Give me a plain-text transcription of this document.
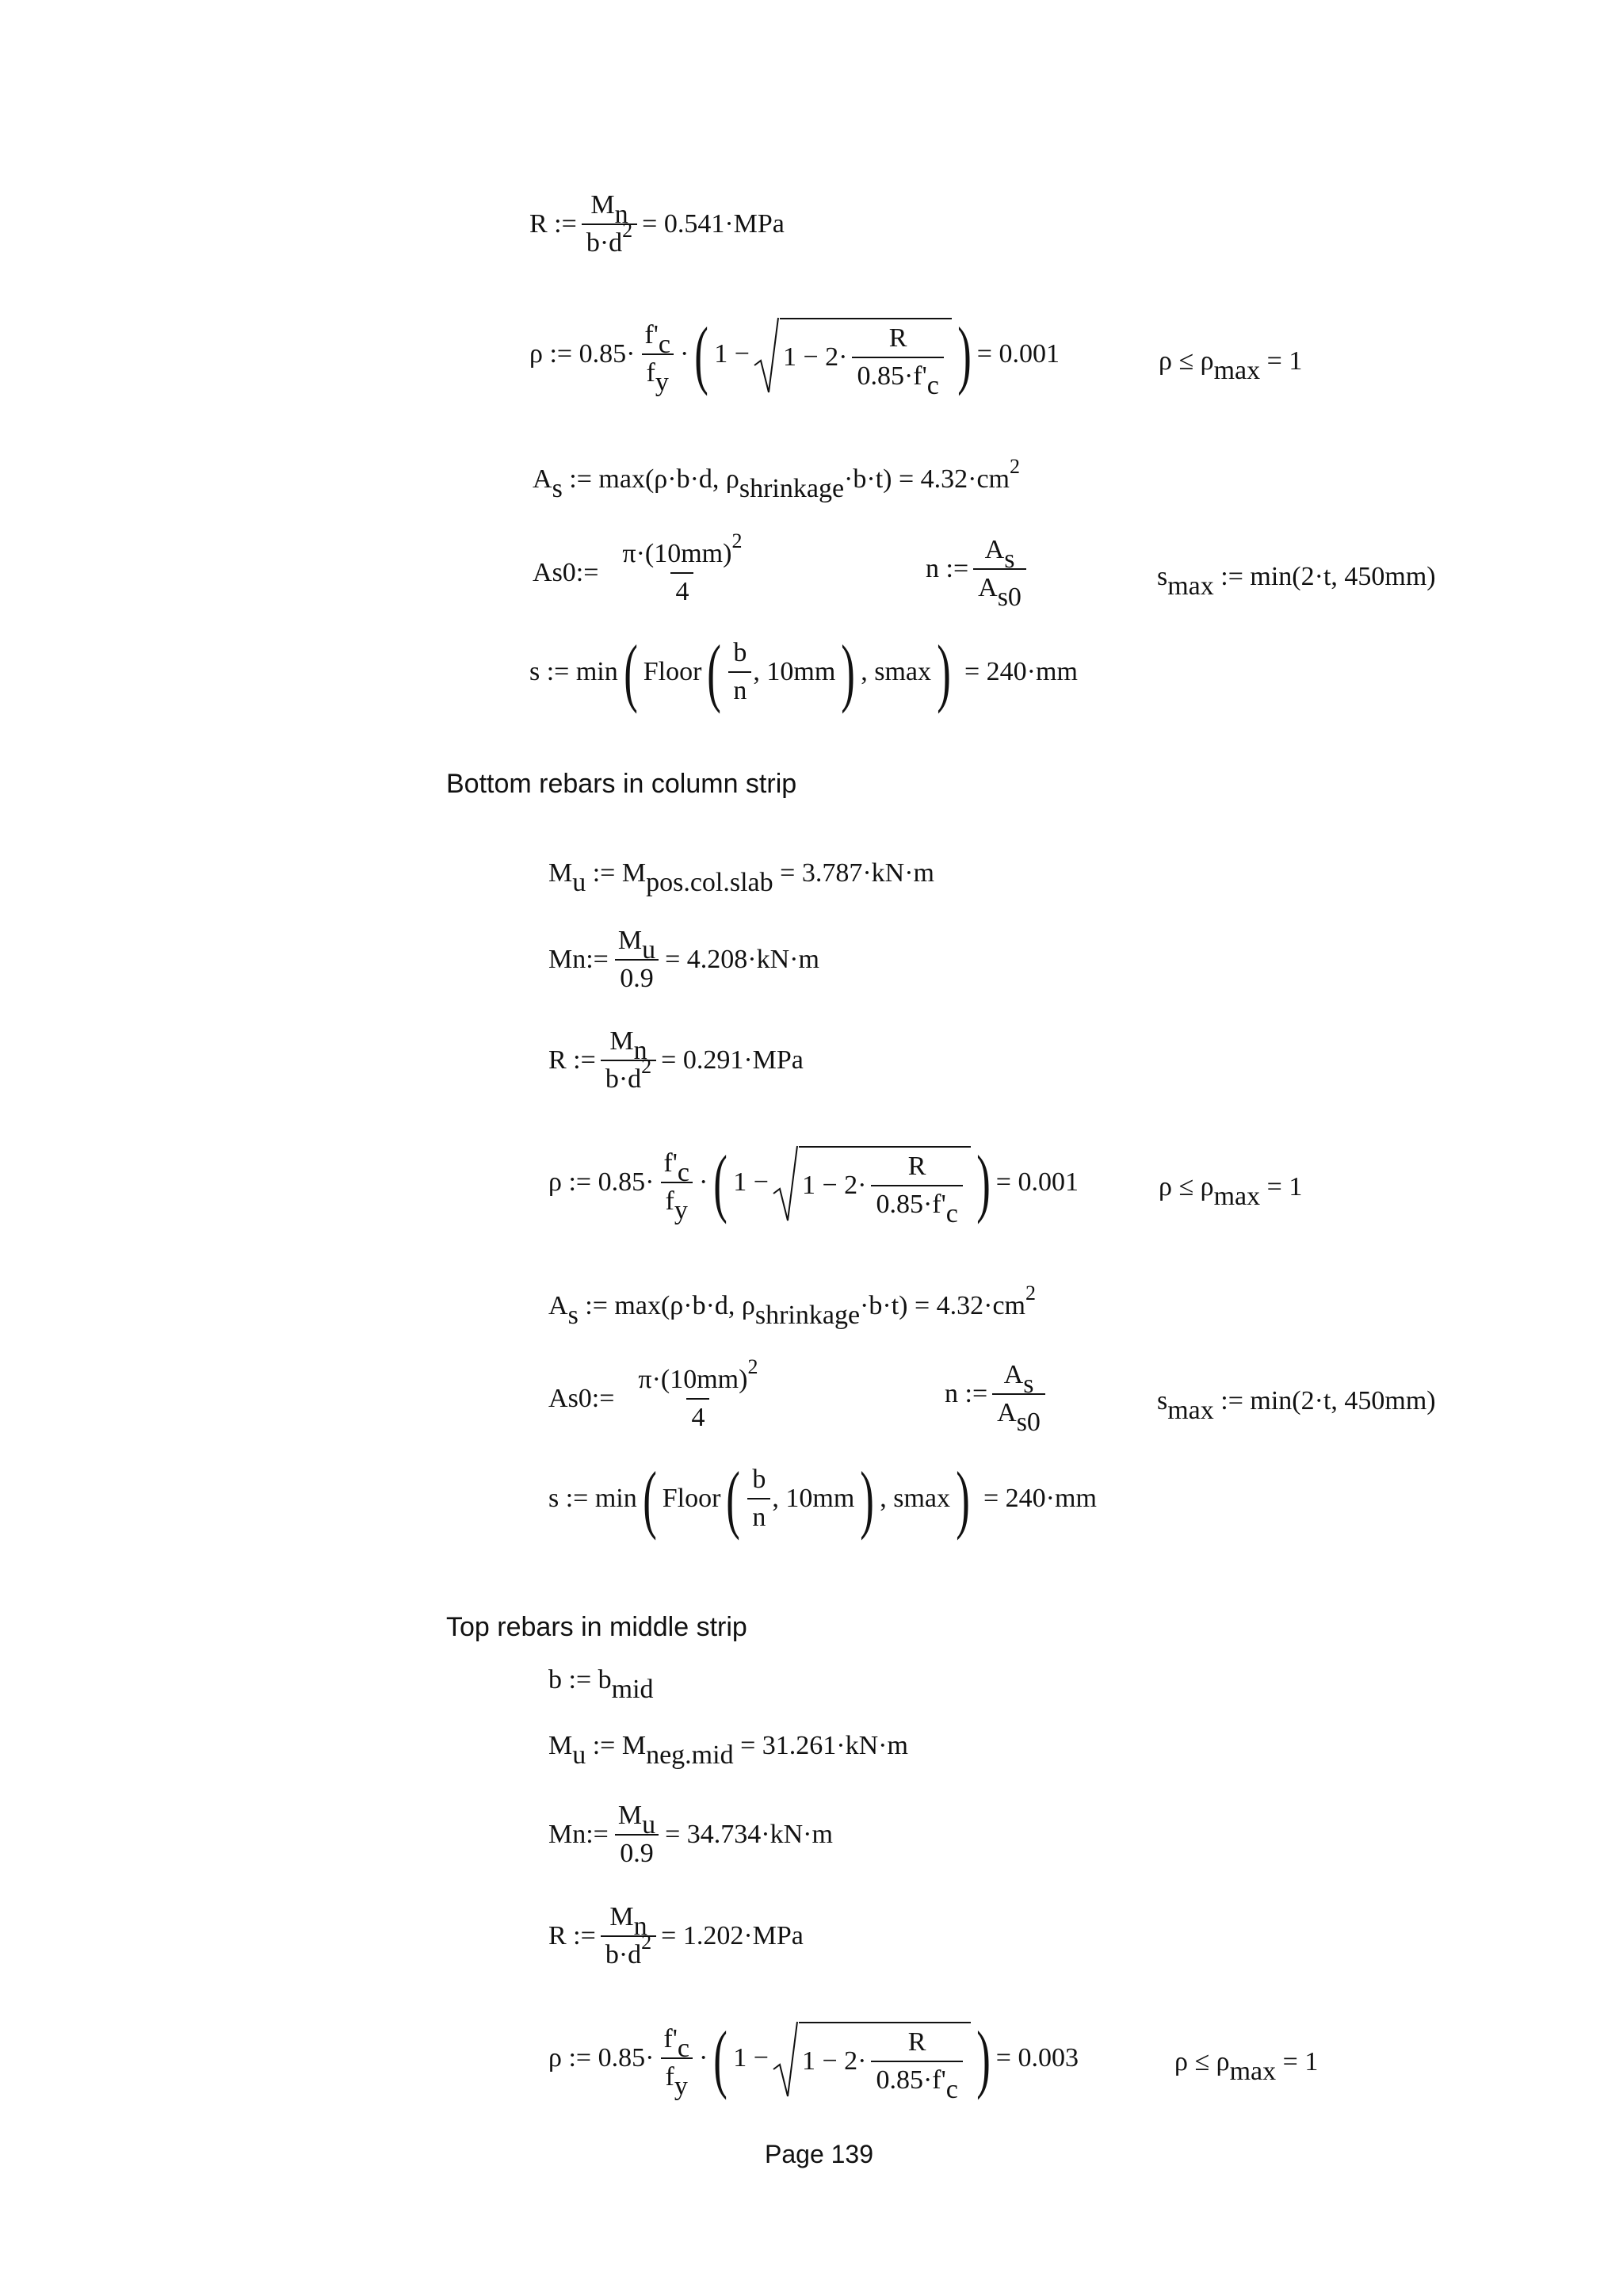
R := $\frac{M_n}{b\cdot d^2} = 0.541\cdot MPa$
ρ := $0.85\cdot \frac{f'_c}{f_y}$ · ( $1 - 1 - 2\cdot \frac{R}{0.85\cdot f'_c}$ ) = 0.001	$\rho \le \rho_{max} = 1$
$A_s$ := max(ρ·b·d, $\rho_{shrinkage}\cdot b\cdot t) = 4.32\cdot cm^2$
A s0 := $\frac{\pi\cdot(10mm)^2}{4}$	n := $\frac{A_s}{A_{s0}}$	$s_{max}$ := min(2·t, 450mm)
s := min ( Floor ( $\frac{b}{n}$ , 10mm ) , s max ) = 240·mm
Bottom rebars in column strip
$M_u$ := $M_{pos.col.slab} = 3.787\cdot kN\cdot m$
M n := $\frac{M_u}{0.9} = 4.208\cdot kN\cdot m$
R := $\frac{M_n}{b\cdot d^2} = 0.291\cdot MPa$
ρ := $0.85\cdot \frac{f'_c}{f_y}$ · ( $1 - 1 - 2\cdot \frac{R}{0.85\cdot f'_c}$ ) = 0.001	$\rho \le \rho_{max} = 1$
$A_s$ := max(ρ·b·d, $\rho_{shrinkage}\cdot b\cdot t) = 4.32\cdot cm^2$
A s0 := $\frac{\pi\cdot(10mm)^2}{4}$	n := $\frac{A_s}{A_{s0}}$	$s_{max}$ := min(2·t, 450mm)
s := min ( Floor ( $\frac{b}{n}$ , 10mm ) , s max ) = 240·mm
Top rebars in middle strip
b := $b_{mid}$
$M_u$ := $M_{neg.mid} = 31.261\cdot kN\cdot m$
M n := $\frac{M_u}{0.9} = 34.734\cdot kN\cdot m$
R := $\frac{M_n}{b\cdot d^2} = 1.202\cdot MPa$
ρ := $0.85\cdot \frac{f'_c}{f_y}$ · ( $1 - 1 - 2\cdot \frac{R}{0.85\cdot f'_c}$ ) = 0.003	$\rho \le \rho_{max} = 1$
Page 139
